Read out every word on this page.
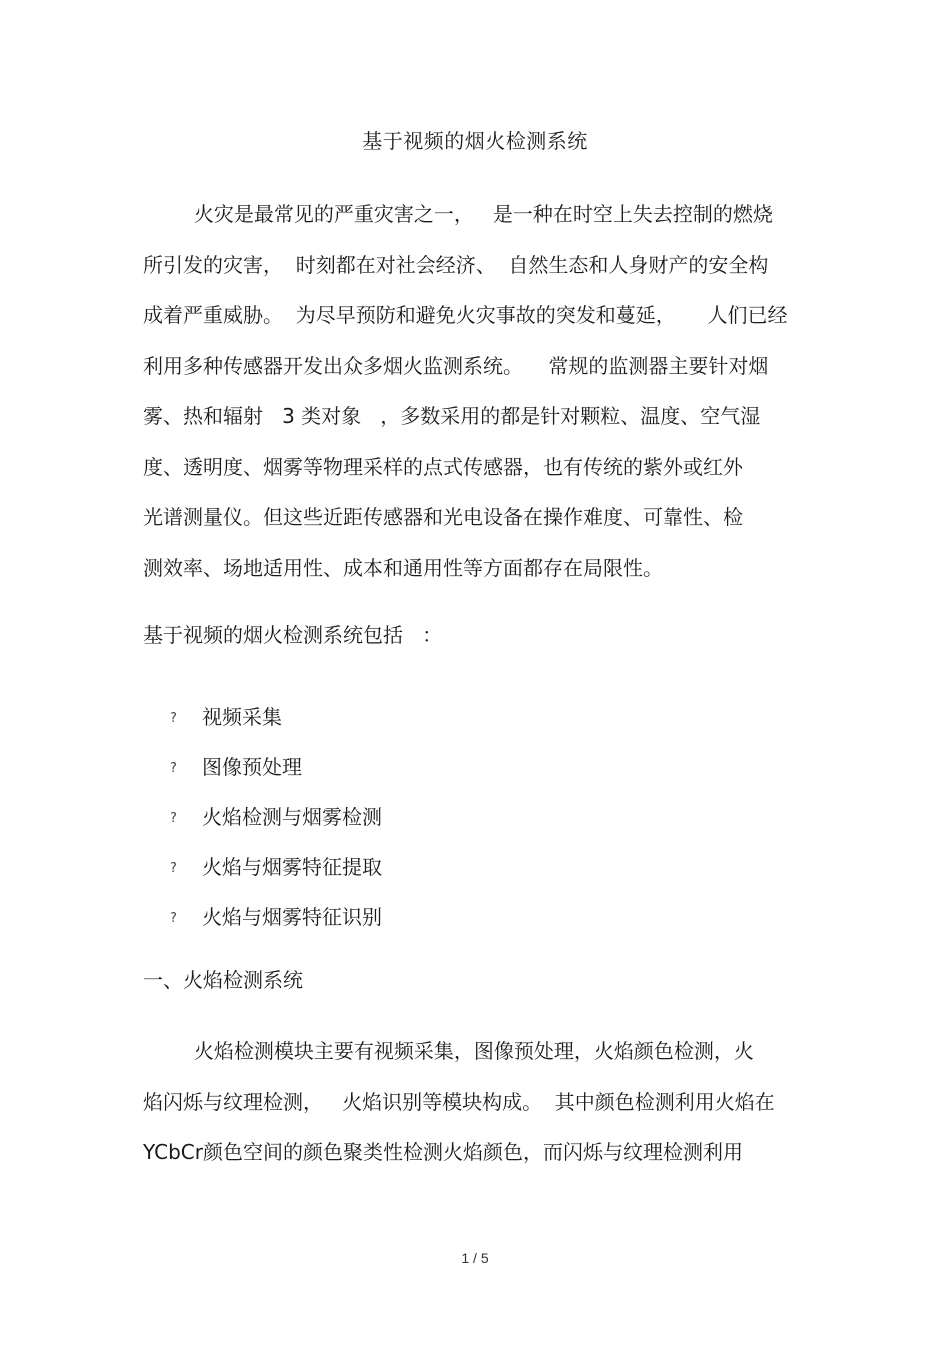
基于视频的烟火检测系统

火灾是最常见的严重灾害之一，   是一种在时空上失去控制的燃烧
所引发的灾害，  时刻都在对社会经济、  自然生态和人身财产的安全构
成着严重威胁。  为尽早预防和避免火灾事故的突发和蔓延，     人们已经
利用多种传感器开发出众多烟火监测系统。    常规的监测器主要针对烟
雾、热和辐射   3 类对象   ，多数采用的都是针对颗粒、温度、空气湿
度、透明度、烟雾等物理采样的点式传感器，也有传统的紫外或红外
光谱测量仪。但这些近距传感器和光电设备在操作难度、可靠性、检
测效率、场地适用性、成本和通用性等方面都存在局限性。

基于视频的烟火检测系统包括   ：
?	视频采集
?	图像预处理
?	火焰检测与烟雾检测
?	火焰与烟雾特征提取
?	火焰与烟雾特征识别
一、火焰检测系统

火焰检测模块主要有视频采集，图像预处理，火焰颜色检测，火
焰闪烁与纹理检测，   火焰识别等模块构成。  其中颜色检测利用火焰在
YCbCr颜色空间的颜色聚类性检测火焰颜色，而闪烁与纹理检测利用

1 / 5
